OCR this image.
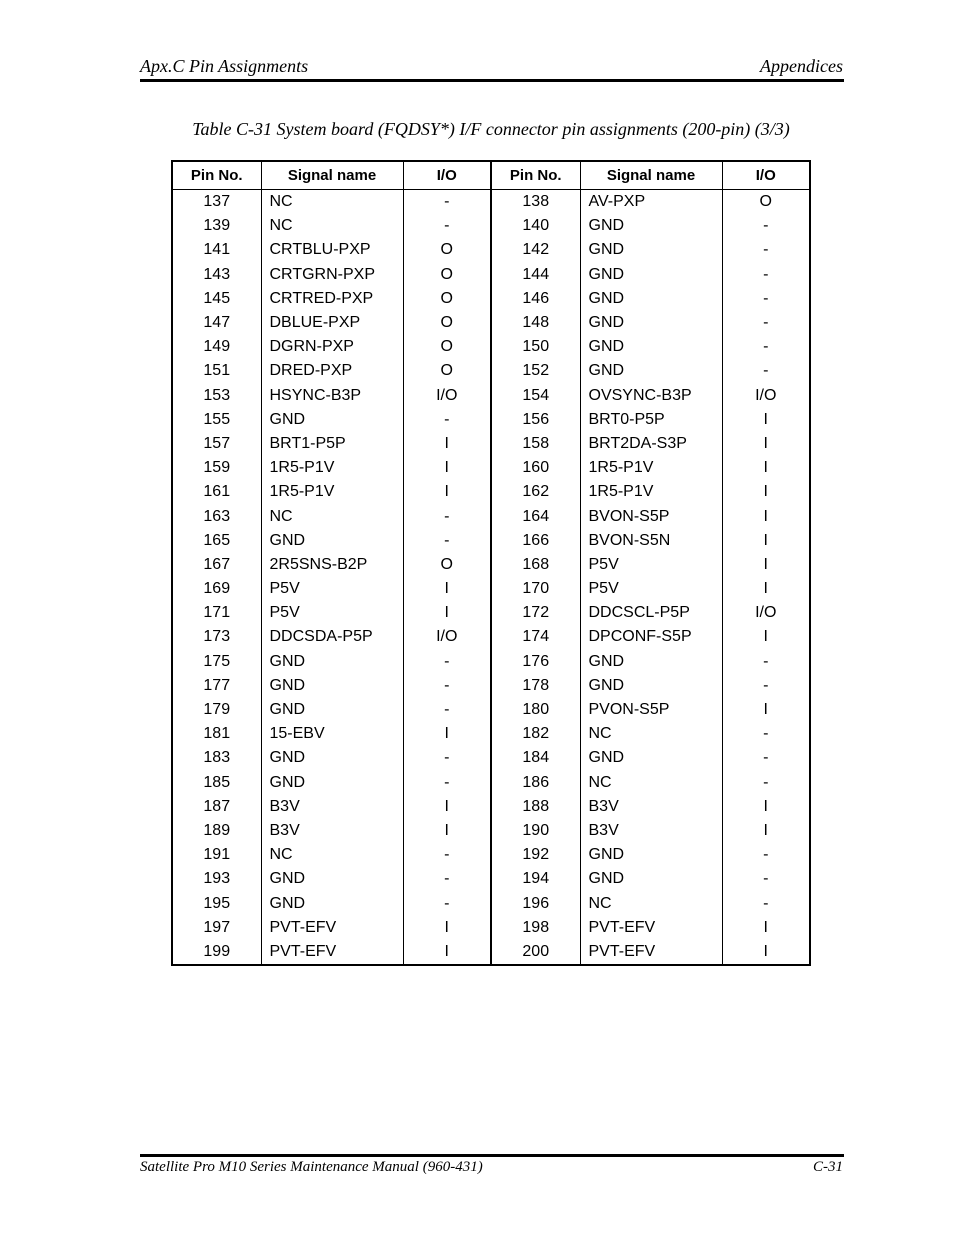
Apx.C Pin Assignments	Appendices
Table C-31 System board (FQDSY*) I/F connector pin assignments (200-pin) (3/3)
Pin No.	Signal name	I/O	Pin No.	Signal name	I/O
137	NC	-	138	AV-PXP	O
139	NC	-	140	GND	-
141	CRTBLU-PXP	O	142	GND	-
143	CRTGRN-PXP	O	144	GND	-
145	CRTRED-PXP	O	146	GND	-
147	DBLUE-PXP	O	148	GND	-
149	DGRN-PXP	O	150	GND	-
151	DRED-PXP	O	152	GND	-
153	HSYNC-B3P	I/O	154	OVSYNC-B3P	I/O
155	GND	-	156	BRT0-P5P	I
157	BRT1-P5P	I	158	BRT2DA-S3P	I
159	1R5-P1V	I	160	1R5-P1V	I
161	1R5-P1V	I	162	1R5-P1V	I
163	NC	-	164	BVON-S5P	I
165	GND	-	166	BVON-S5N	I
167	2R5SNS-B2P	O	168	P5V	I
169	P5V	I	170	P5V	I
171	P5V	I	172	DDCSCL-P5P	I/O
173	DDCSDA-P5P	I/O	174	DPCONF-S5P	I
175	GND	-	176	GND	-
177	GND	-	178	GND	-
179	GND	-	180	PVON-S5P	I
181	15-EBV	I	182	NC	-
183	GND	-	184	GND	-
185	GND	-	186	NC	-
187	B3V	I	188	B3V	I
189	B3V	I	190	B3V	I
191	NC	-	192	GND	-
193	GND	-	194	GND	-
195	GND	-	196	NC	-
197	PVT-EFV	I	198	PVT-EFV	I
199	PVT-EFV	I	200	PVT-EFV	I
Satellite Pro M10 Series Maintenance Manual (960-431)	C-31
